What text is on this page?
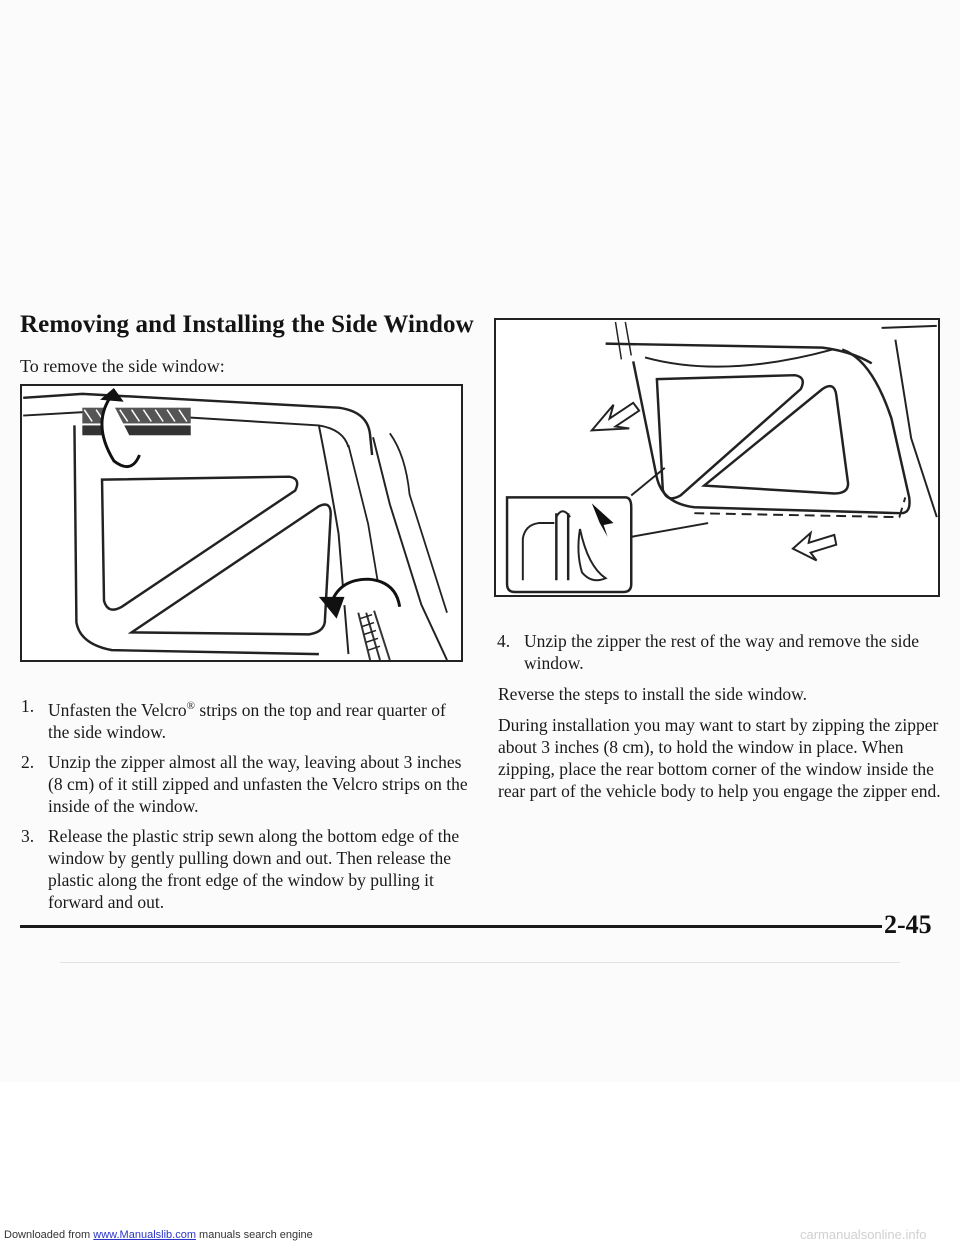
Removing and Installing the Side Window

To remove the side window:

1. Unfasten the Velcro® strips on the top and rear quarter of the side window.
2. Unzip the zipper almost all the way, leaving about 3 inches (8 cm) of it still zipped and unfasten the Velcro strips on the inside of the window.
3. Release the plastic strip sewn along the bottom edge of the window by gently pulling down and out. Then release the plastic along the front edge of the window by pulling it forward and out.
4. Unzip the zipper the rest of the way and remove the side window.

Reverse the steps to install the side window.

During installation you may want to start by zipping the zipper about 3 inches (8 cm), to hold the window in place. When zipping, place the rear bottom corner of the window inside the rear part of the vehicle body to help you engage the zipper end.

2-45
Downloaded from www.Manualslib.com manuals search engine	carmanualsonline.info
